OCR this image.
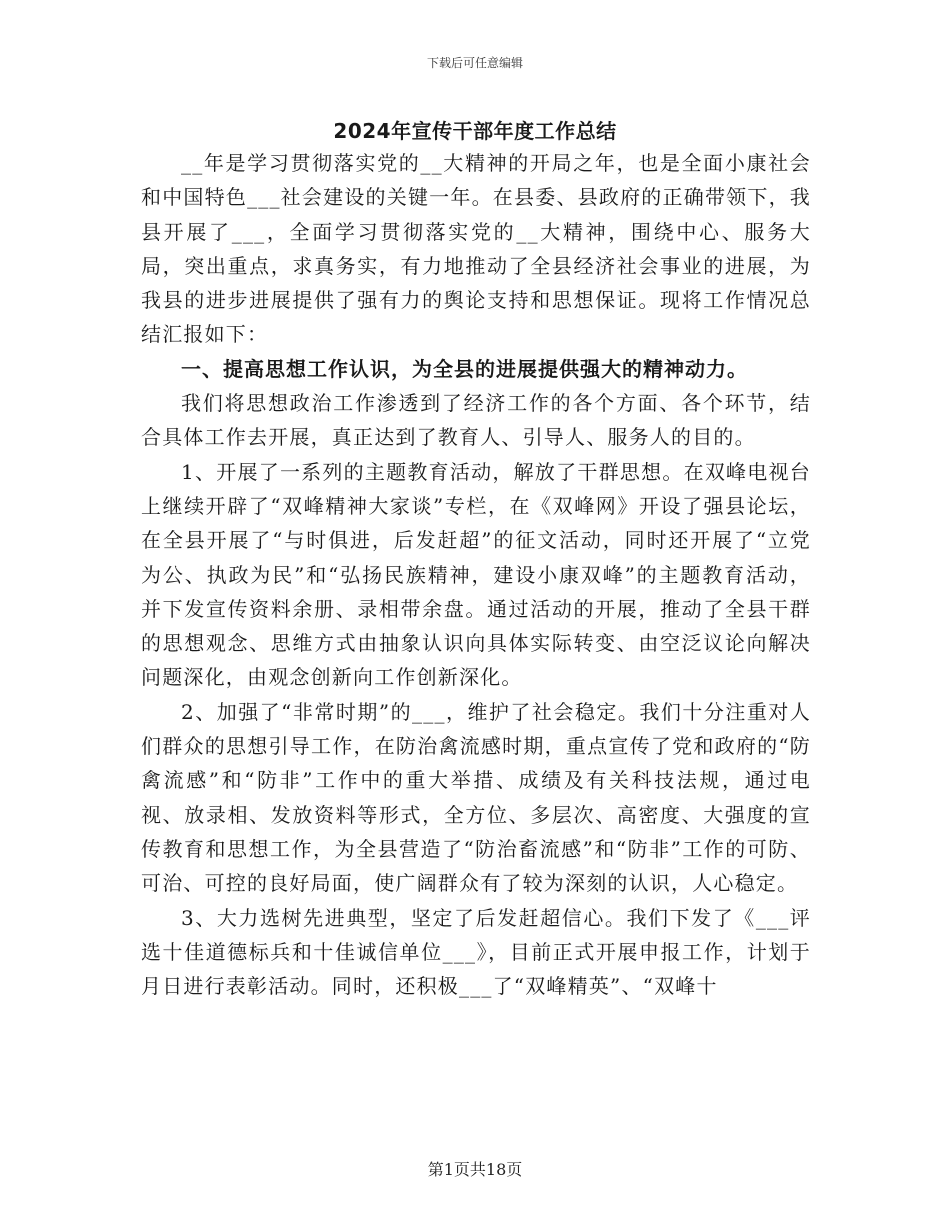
下载后可任意编辑
2024年宣传干部年度工作总结

__年是学习贯彻落实党的__大精神的开局之年，也是全面小康社会和中国特色___社会建设的关键一年。在县委、县政府的正确带领下，我县开展了___，全面学习贯彻落实党的__大精神，围绕中心、服务大局，突出重点，求真务实，有力地推动了全县经济社会事业的进展，为我县的进步进展提供了强有力的舆论支持和思想保证。现将工作情况总结汇报如下：

一、提高思想工作认识，为全县的进展提供强大的精神动力。

我们将思想政治工作渗透到了经济工作的各个方面、各个环节，结合具体工作去开展，真正达到了教育人、引导人、服务人的目的。

1、开展了一系列的主题教育活动，解放了干群思想。在双峰电视台上继续开辟了“双峰精神大家谈”专栏，在《双峰网》开设了强县论坛，在全县开展了“与时俱进，后发赶超”的征文活动，同时还开展了“立党为公、执政为民”和“弘扬民族精神，建设小康双峰”的主题教育活动，并下发宣传资料余册、录相带余盘。通过活动的开展，推动了全县干群的思想观念、思维方式由抽象认识向具体实际转变、由空泛议论向解决问题深化，由观念创新向工作创新深化。

2、加强了“非常时期”的___，维护了社会稳定。我们十分注重对人们群众的思想引导工作，在防治禽流感时期，重点宣传了党和政府的“防禽流感”和“防非”工作中的重大举措、成绩及有关科技法规，通过电视、放录相、发放资料等形式，全方位、多层次、高密度、大强度的宣传教育和思想工作，为全县营造了“防治畜流感”和“防非”工作的可防、可治、可控的良好局面，使广阔群众有了较为深刻的认识，人心稳定。

3、大力选树先进典型，坚定了后发赶超信心。我们下发了《___评选十佳道德标兵和十佳诚信单位___》，目前正式开展申报工作，计划于月日进行表彰活动。同时，还积极___了“双峰精英”、“双峰十

第1页共18页
